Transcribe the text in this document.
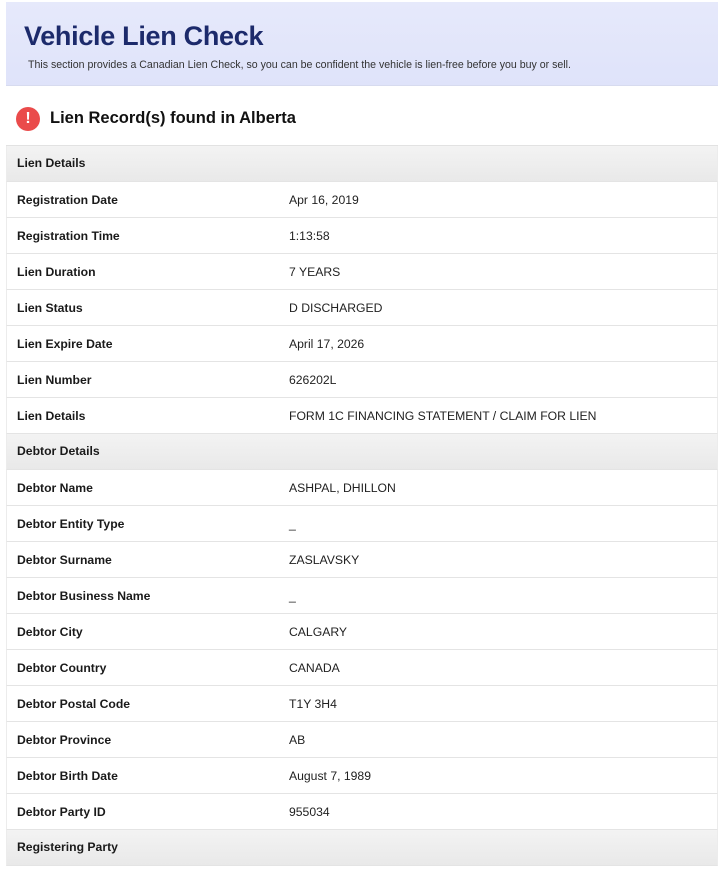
Vehicle Lien Check
This section provides a Canadian Lien Check, so you can be confident the vehicle is lien-free before you buy or sell.
!	Lien Record(s) found in Alberta
Lien Details
Registration Date	Apr 16, 2019
Registration Time	1:13:58
Lien Duration	7 YEARS
Lien Status	D DISCHARGED
Lien Expire Date	April 17, 2026
Lien Number	626202L
Lien Details	FORM 1C FINANCING STATEMENT / CLAIM FOR LIEN
Debtor Details
Debtor Name	ASHPAL, DHILLON
Debtor Entity Type	_
Debtor Surname	ZASLAVSKY
Debtor Business Name	_
Debtor City	CALGARY
Debtor Country	CANADA
Debtor Postal Code	T1Y 3H4
Debtor Province	AB
Debtor Birth Date	August 7, 1989
Debtor Party ID	955034
Registering Party
